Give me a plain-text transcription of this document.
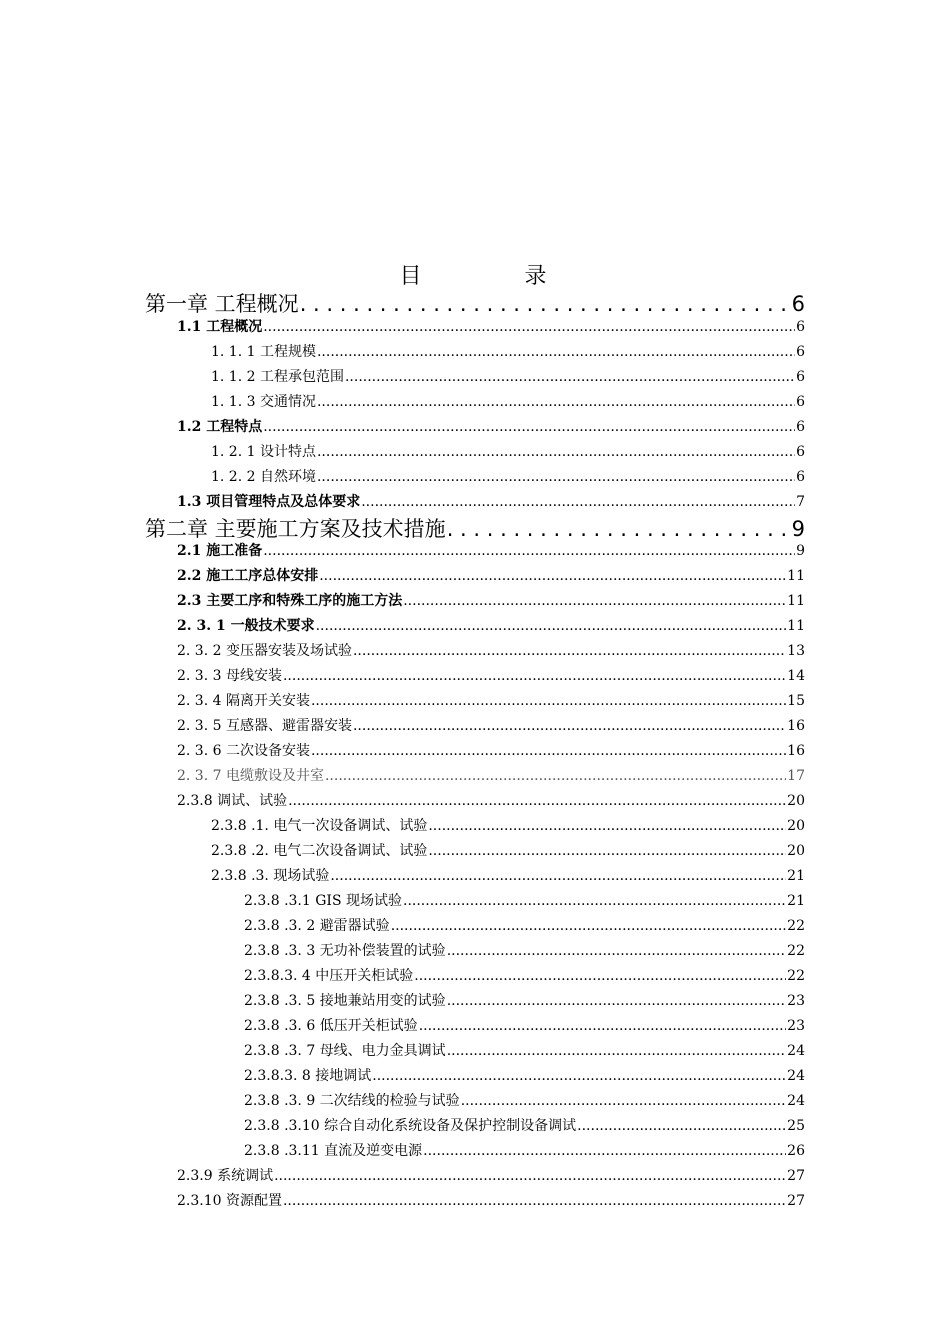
目 录
第一章 工程概况 . .	6
1.1 工程概况 .....	6
1. 1. 1 工程规模 .....	6
1. 1. 2 工程承包范围 .....	6
1. 1. 3 交通情况 .....	6
1.2 工程特点 .....	6
1. 2. 1 设计特点 .....	6
1. 2. 2 自然环境 .....	6
1.3 项目管理特点及总体要求 .....	7
第二章 主要施工方案及技术措施 . .	9
2.1 施工准备 .....	9
2.2 施工工序总体安排 .....	11
2.3 主要工序和特殊工序的施工方法 .....	11
2. 3. 1 一般技术要求 .....	11
2. 3. 2 变压器安装及场试验 .....	13
2. 3. 3 母线安装 .....	14
2. 3. 4 隔离开关安装 .....	15
2. 3. 5 互感器、避雷器安装 .....	16
2. 3. 6 二次设备安装 .....	16
2. 3. 7 电缆敷设及井室 .....	17
2.3.8 调试、试验 .....	20
2.3.8 .1. 电气一次设备调试、试验 .....	20
2.3.8 .2. 电气二次设备调试、试验 .....	20
2.3.8 .3. 现场试验 .....	21
2.3.8 .3.1 GIS 现场试验 .....	21
2.3.8 .3. 2 避雷器试验 .....	22
2.3.8 .3. 3 无功补偿装置的试验 .....	22
2.3.8.3. 4 中压开关柜试验 .....	22
2.3.8 .3. 5 接地兼站用变的试验 .....	23
2.3.8 .3. 6 低压开关柜试验 .....	23
2.3.8 .3. 7 母线、电力金具调试 .....	24
2.3.8.3. 8 接地调试 .....	24
2.3.8 .3. 9 二次结线的检验与试验 .....	24
2.3.8 .3.10 综合自动化系统设备及保护控制设备调试 .....	25
2.3.8 .3.11 直流及逆变电源 .....	26
2.3.9 系统调试 .....	27
2.3.10 资源配置 .....	27
